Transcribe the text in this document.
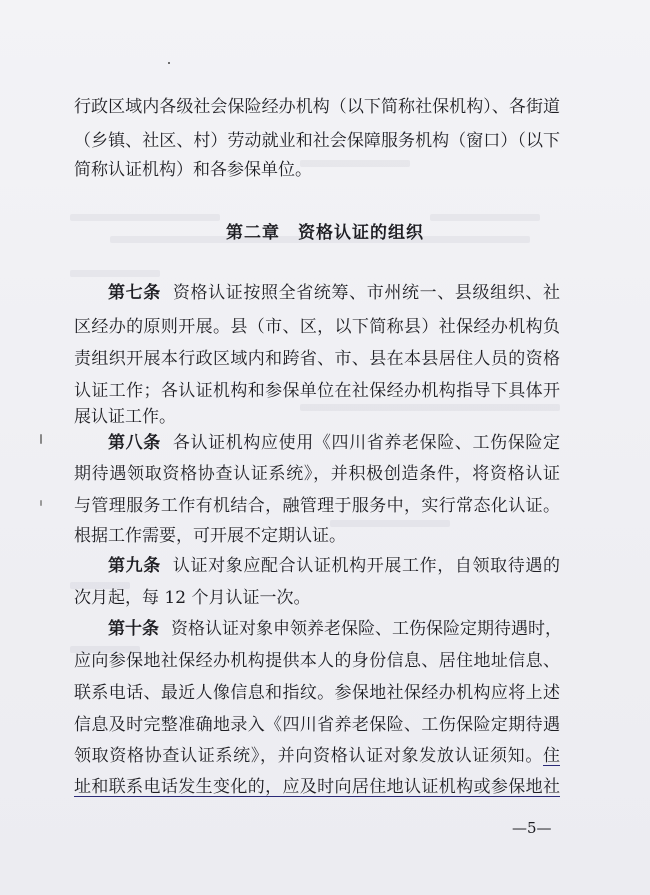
行政区域内各级社会保险经办机构（以下简称社保机构）、各街道
（乡镇、社区、村）劳动就业和社会保障服务机构（窗口）（以下
简称认证机构）和各参保单位。
第二章　资格认证的组织
第七条 资格认证按照全省统筹、市州统一、县级组织、社
区经办的原则开展。县（市、区，以下简称县）社保经办机构负
责组织开展本行政区域内和跨省、市、县在本县居住人员的资格
认证工作；各认证机构和参保单位在社保经办机构指导下具体开
展认证工作。
第八条 各认证机构应使用《四川省养老保险、工伤保险定
期待遇领取资格协查认证系统》，并积极创造条件，将资格认证
与管理服务工作有机结合，融管理于服务中，实行常态化认证。
根据工作需要，可开展不定期认证。
第九条 认证对象应配合认证机构开展工作，自领取待遇的
次月起，每 12 个月认证一次。
第十条 资格认证对象申领养老保险、工伤保险定期待遇时，
应向参保地社保经办机构提供本人的身份信息、居住地址信息、
联系电话、最近人像信息和指纹。参保地社保经办机构应将上述
信息及时完整准确地录入《四川省养老保险、工伤保险定期待遇
领取资格协查认证系统》，并向资格认证对象发放认证须知。住
址和联系电话发生变化的，应及时向居住地认证机构或参保地社
—5—
